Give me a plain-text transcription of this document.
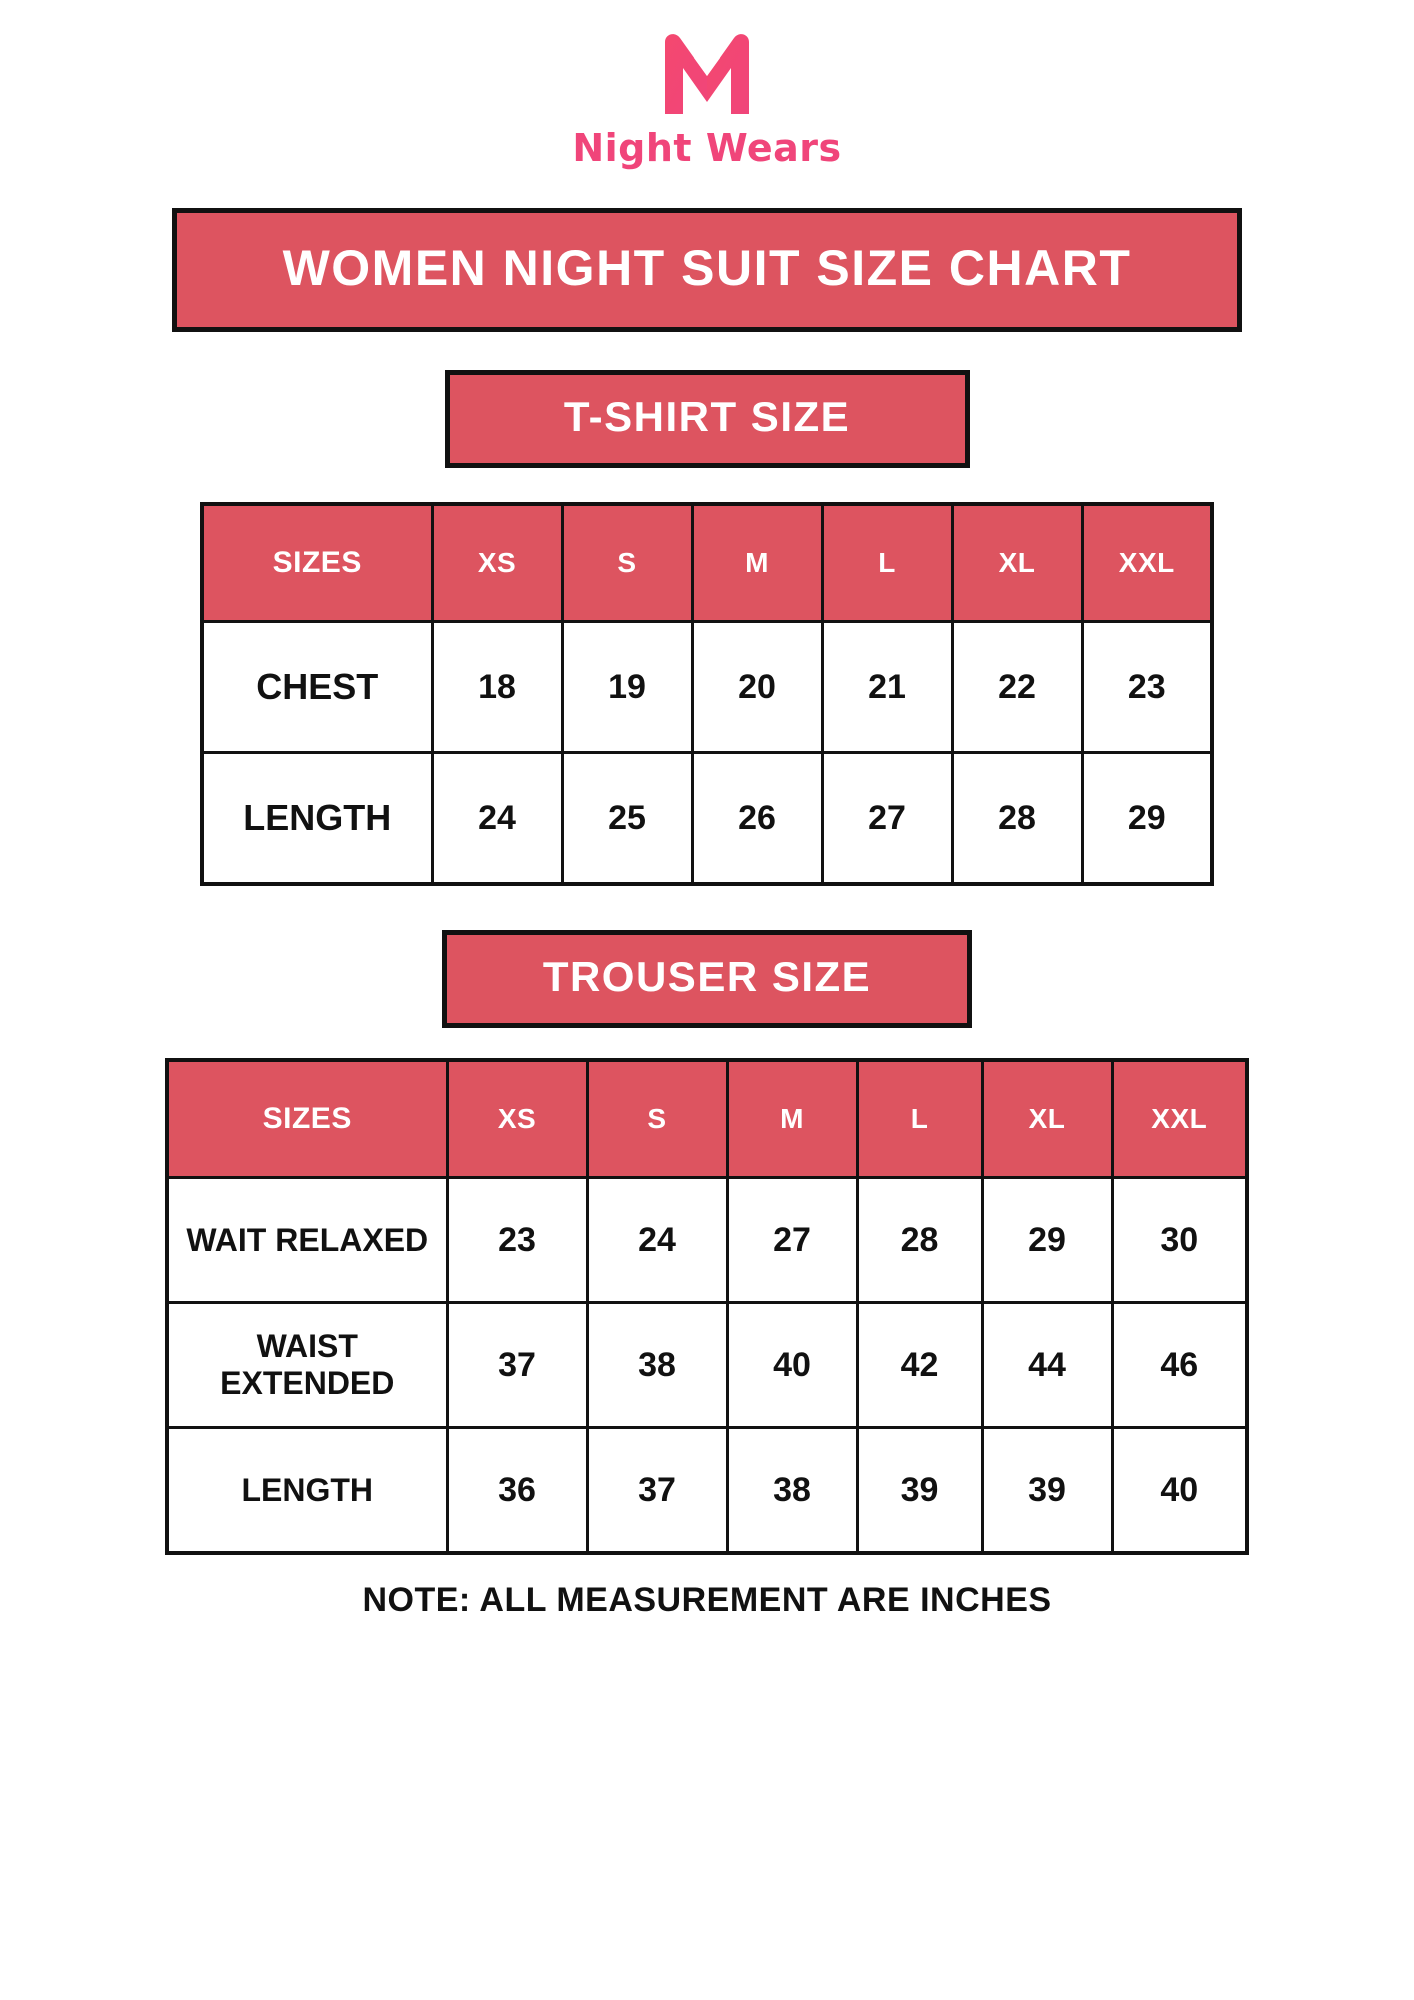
Night Wears
WOMEN NIGHT SUIT SIZE CHART
T-SHIRT SIZE
SIZES	XS	S	M	L	XL	XXL
CHEST	18	19	20	21	22	23
LENGTH	24	25	26	27	28	29
TROUSER SIZE
SIZES	XS	S	M	L	XL	XXL
WAIT RELAXED	23	24	27	28	29	30
WAIST EXTENDED	37	38	40	42	44	46
LENGTH	36	37	38	39	39	40
NOTE: ALL MEASUREMENT ARE INCHES
